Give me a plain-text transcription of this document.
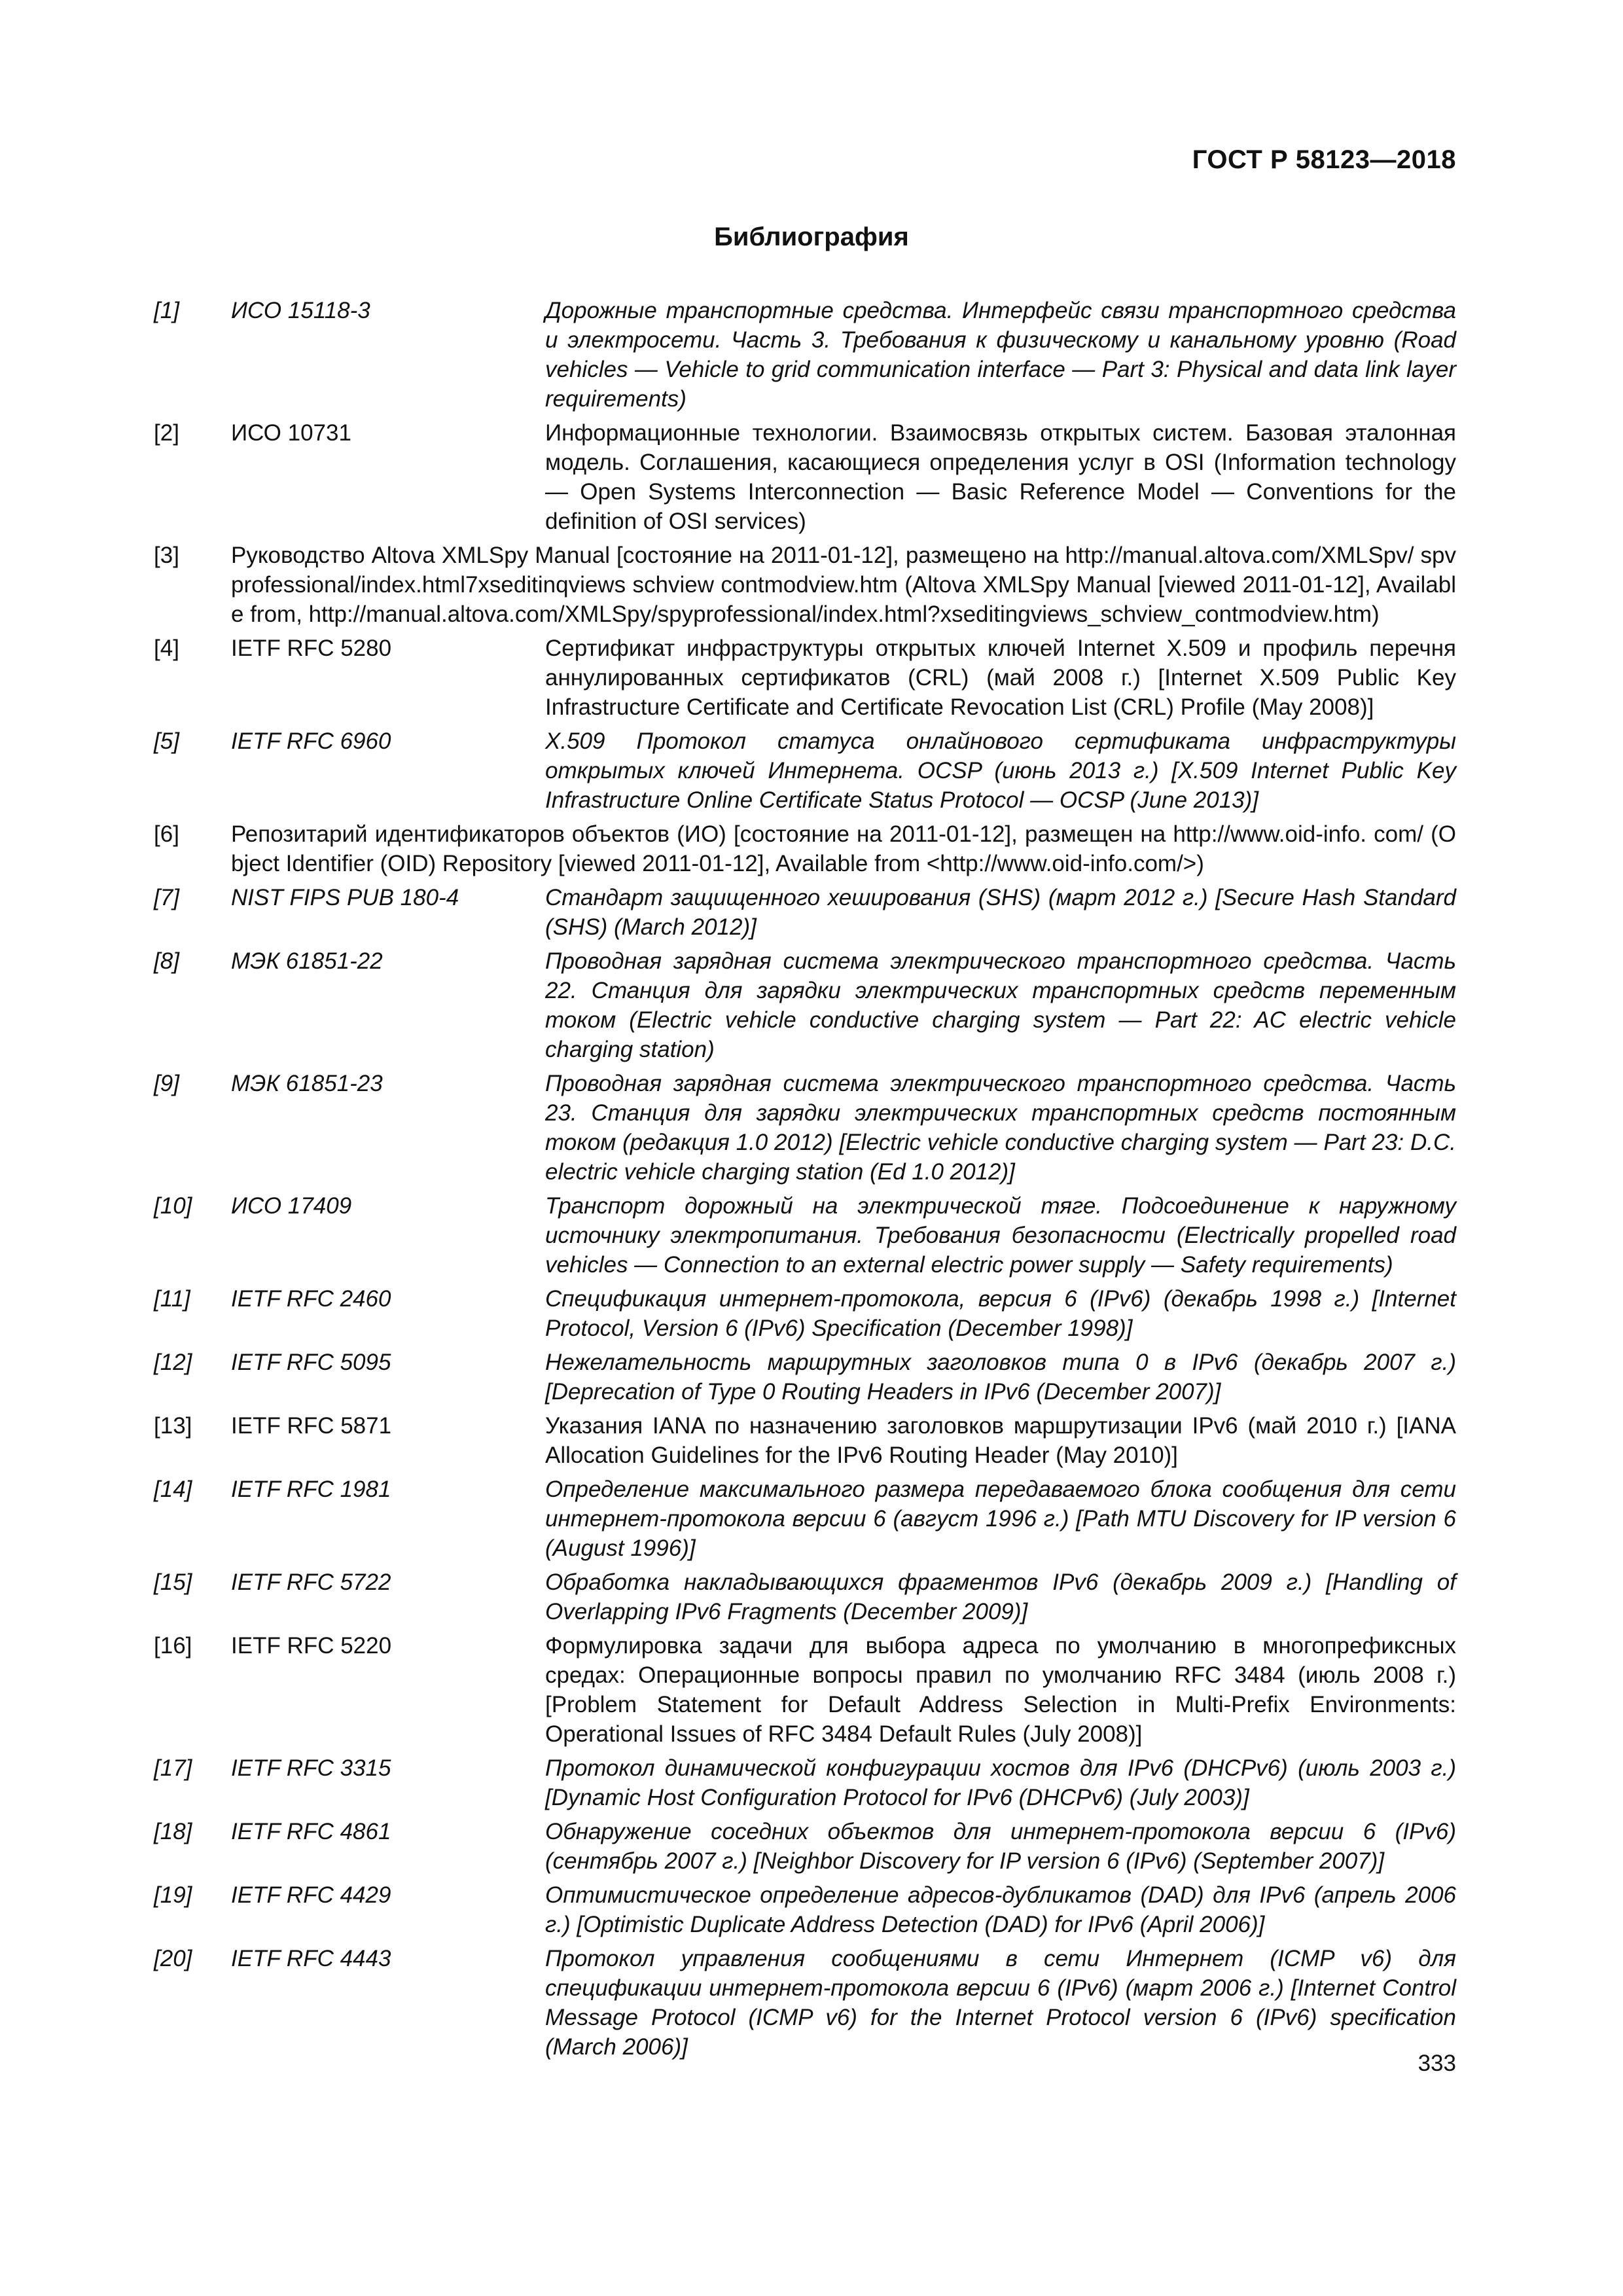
ГОСТ Р 58123—2018
Библиография
[1] ИСО 15118-3	Дорожные транспортные средства. Интерфейс связи транспортного средства и электросети. Часть 3. Требования к физическому и канальному уровню (Road vehicles — Vehicle to grid communication interface — Part 3: Physical and data link layer requirements)
[2] ИСО 10731	Информационные технологии. Взаимосвязь открытых систем. Базовая эталонная модель. Соглашения, касающиеся определения услуг в OSI (Information technology — Open Systems Interconnection — Basic Reference Model — Conventions for the definition of OSI services)
[3] Руководство Altova XMLSpy Manual [состояние на 2011-01-12], размещено на http://manual.altova.com/XMLSpv/ spvprofessional/index.html7xseditinqviews schview contmodview.htm (Altova XMLSpy Manual [viewed 2011-01-12], Available from, http://manual.altova.com/XMLSpy/spyprofessional/index.html?xseditingviews_schview_contmodview.htm)
[4] IETF RFC 5280	Сертификат инфраструктуры открытых ключей Internet X.509 и профиль перечня аннулированных сертификатов (CRL) (май 2008 г.) [Internet X.509 Public Key Infrastructure Certificate and Certificate Revocation List (CRL) Profile (May 2008)]
[5] IETF RFC 6960	X.509 Протокол статуса онлайнового сертификата инфраструктуры открытых ключей Интернета. OCSP (июнь 2013 г.) [X.509 Internet Public Key Infrastructure Online Certificate Status Protocol — OCSP (June 2013)]
[6] Репозитарий идентификаторов объектов (ИО) [состояние на 2011-01-12], размещен на http://www.oid-info. com/ (Object Identifier (OID) Repository [viewed 2011-01-12], Available from <http://www.oid-info.com/>)
[7] NIST FIPS PUB 180-4	Стандарт защищенного хеширования (SHS) (март 2012 г.) [Secure Hash Standard (SHS) (March 2012)]
[8] МЭК 61851-22	Проводная зарядная система электрического транспортного средства. Часть 22. Станция для зарядки электрических транспортных средств переменным током (Electric vehicle conductive charging system — Part 22: AC electric vehicle charging station)
[9] МЭК 61851-23	Проводная зарядная система электрического транспортного средства. Часть 23. Станция для зарядки электрических транспортных средств постоянным током (редакция 1.0 2012) [Electric vehicle conductive charging system — Part 23: D.C. electric vehicle charging station (Ed 1.0 2012)]
[10] ИСО 17409	Транспорт дорожный на электрической тяге. Подсоединение к наружному источнику электропитания. Требования безопасности (Electrically propelled road vehicles — Connection to an external electric power supply — Safety requirements)
[11] IETF RFC 2460	Спецификация интернет-протокола, версия 6 (IPv6) (декабрь 1998 г.) [Internet Protocol, Version 6 (IPv6) Specification (December 1998)]
[12] IETF RFC 5095	Нежелательность маршрутных заголовков типа 0 в IPv6 (декабрь 2007 г.) [Deprecation of Type 0 Routing Headers in IPv6 (December 2007)]
[13] IETF RFC 5871	Указания IANA по назначению заголовков маршрутизации IPv6 (май 2010 г.) [IANA Allocation Guidelines for the IPv6 Routing Header (May 2010)]
[14] IETF RFC 1981	Определение максимального размера передаваемого блока сообщения для сети интернет-протокола версии 6 (август 1996 г.) [Path MTU Discovery for IP version 6 (August 1996)]
[15] IETF RFC 5722	Обработка накладывающихся фрагментов IPv6 (декабрь 2009 г.) [Handling of Overlapping IPv6 Fragments (December 2009)]
[16] IETF RFC 5220	Формулировка задачи для выбора адреса по умолчанию в многопрефиксных средах: Операционные вопросы правил по умолчанию RFC 3484 (июль 2008 г.) [Problem Statement for Default Address Selection in Multi-Prefix Environments: Operational Issues of RFC 3484 Default Rules (July 2008)]
[17] IETF RFC 3315	Протокол динамической конфигурации хостов для IPv6 (DHCPv6) (июль 2003 г.) [Dynamic Host Configuration Protocol for IPv6 (DHCPv6) (July 2003)]
[18] IETF RFC 4861	Обнаружение соседних объектов для интернет-протокола версии 6 (IPv6) (сентябрь 2007 г.) [Neighbor Discovery for IP version 6 (IPv6) (September 2007)]
[19] IETF RFC 4429	Оптимистическое определение адресов-дубликатов (DAD) для IPv6 (апрель 2006 г.) [Optimistic Duplicate Address Detection (DAD) for IPv6 (April 2006)]
[20] IETF RFC 4443	Протокол управления сообщениями в сети Интернет (ICMP v6) для спецификации интернет-протокола версии 6 (IPv6) (март 2006 г.) [Internet Control Message Protocol (ICMP v6) for the Internet Protocol version 6 (IPv6) specification (March 2006)]
333
